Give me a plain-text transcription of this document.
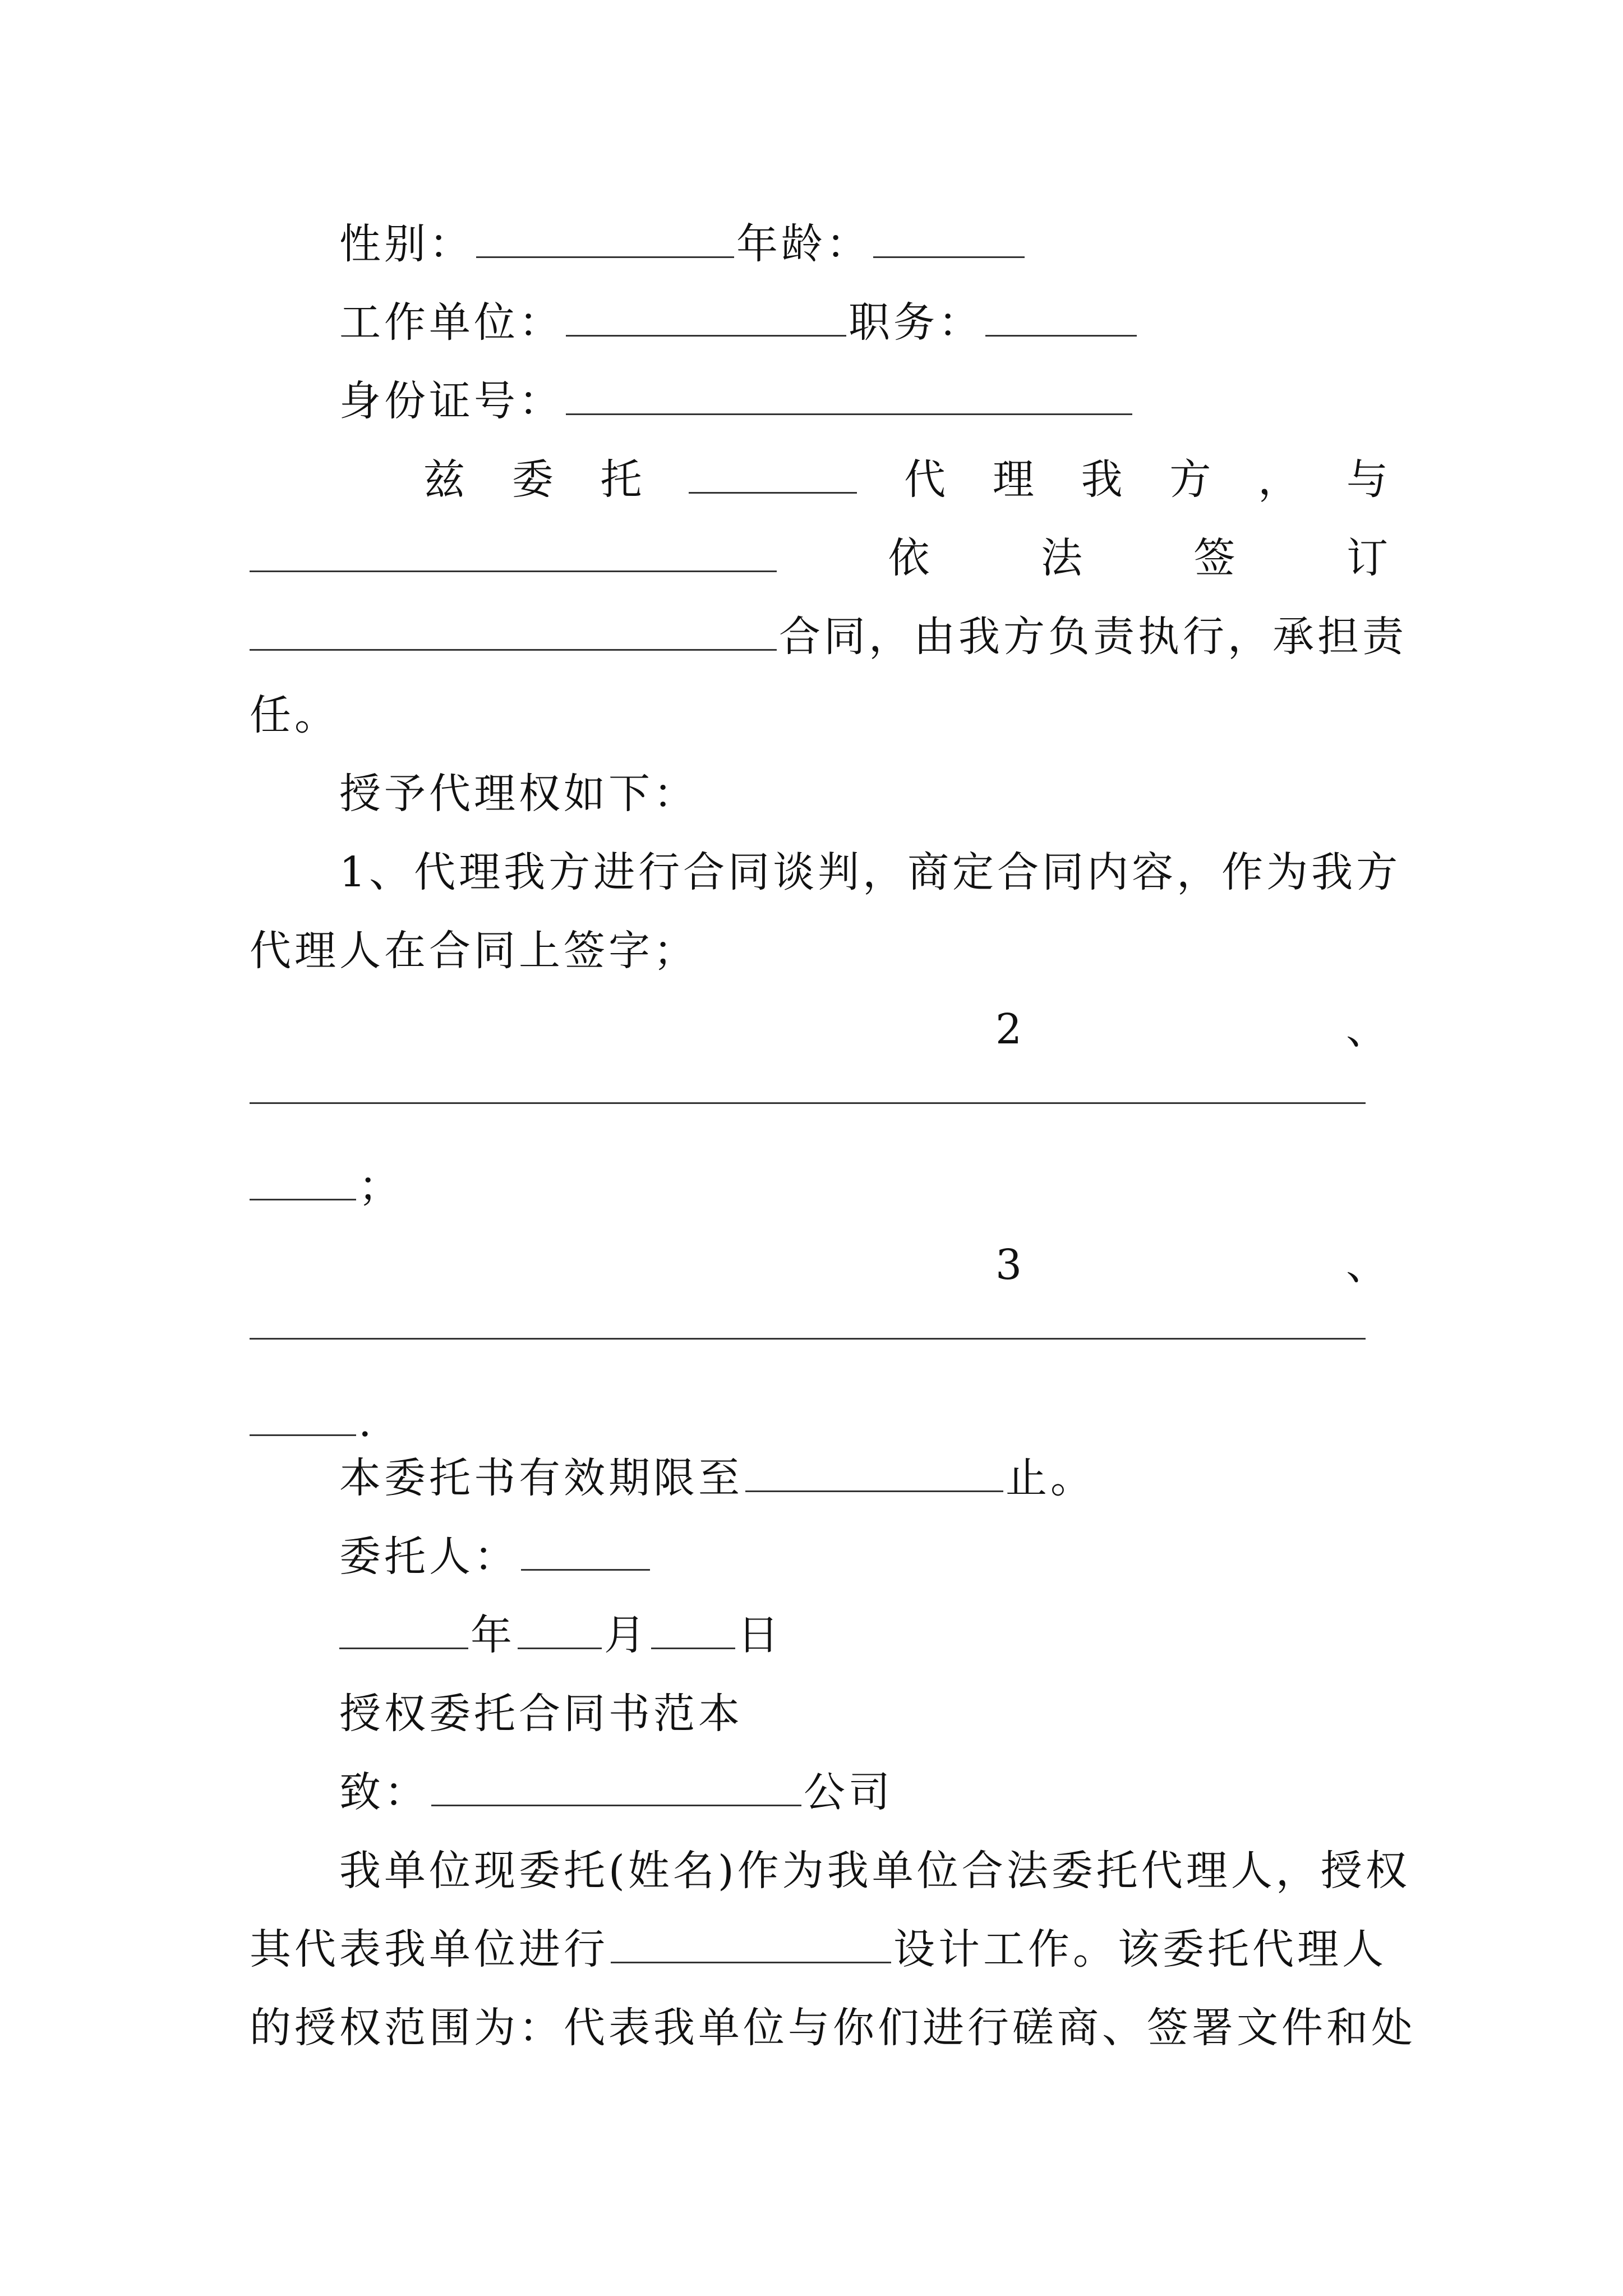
性别：	年龄：
工作单位：	职务：
身份证号：
兹 委 托	代 理 我 方 ， 与
依	法	签	订
合同，由我方负责执行，承担责
任。
授予代理权如下：
1、代理我方进行合同谈判，商定合同内容，作为我方
代理人在合同上签字；
2	、
；
3	、
.
本委托书有效期限至	止。
委托人：
年 月 日
授权委托合同书范本
致：	公司
我单位现委托(姓名)作为我单位合法委托代理人，授权
其代表我单位进行	设计工作。该委托代理人
的授权范围为：代表我单位与你们进行磋商、签署文件和处
